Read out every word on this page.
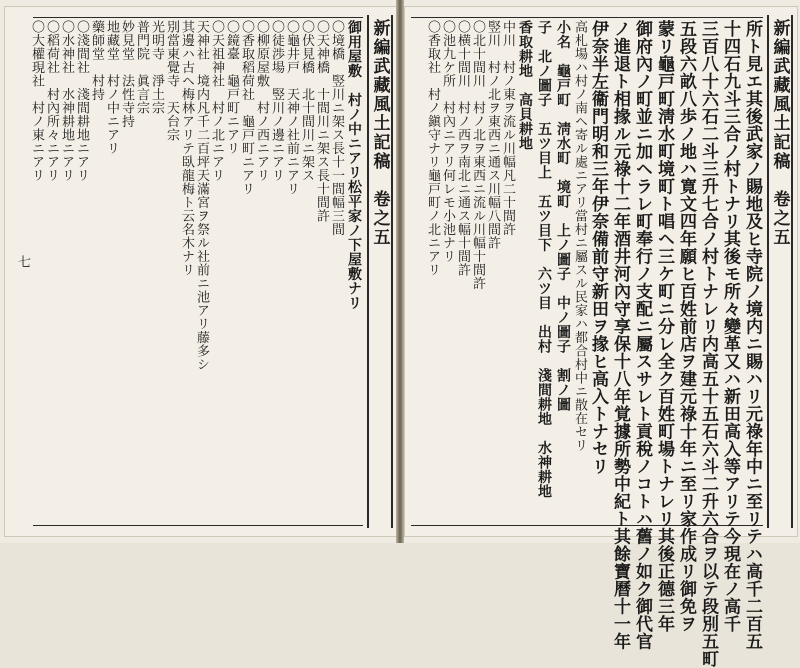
新編武藏風土記稿　卷之五
御用屋敷　村ノ中ニアリ松平家ノ下屋敷ナリ
〇境橋　竪川ニ架ス長十一間幅三間
〇天神橋　十間川ニ架ス長十間許
〇伏見橋　北十間川ニ架ス
〇龜井戸　天神ノ社前ニアリ
〇徒渉場　竪川ノ邊ニアリ
〇柳原屋敷　村ノ西ニアリ
〇香取稻荷社　龜戸町ニアリ
〇鏡臺　龜戸町ニアリ
〇天祖神社　村ノ北ニアリ
天神社　境内凡千二百坪天滿宮ヲ祭ル社前ニ池アリ藤多シ
其邊ハ古ヘ梅林アリテ臥龍梅ト云名木ナリ
別當東覺寺　天台宗
光明寺　淨土宗
普門院　眞言宗
妙見堂　法性寺持
地藏堂　村ノ中ニアリ
藥師堂　村持
〇淺間社　淺間耕地ニアリ
〇水神社　水神耕地ニアリ
〇稻荷社　村內所々ニアリ
〇大權現社　村ノ東ニアリ
七
新編武藏風土記稿　卷之五
所ト見エ其後武家ノ賜地及ヒ寺院ノ境内ニ賜ハリ元祿年中ニ至リテハ高千二百五
十四石九斗三合ノ村トナリ其後モ所々變革又ハ新田高入等アリテ今現在ノ高千
三百八十六石二斗三升七合ノ村トナレリ内高五十五石六斗二升六合ヲ以テ段別五町
五段六畝八歩ノ地ハ寛文四年願ヒ百姓前店ヲ建元祿十年ニ至リ家作成リ御免ヲ
蒙リ龜戸町淸水町境町ト唱ヘ三ケ町ニ分レ全ク百姓町場トナレリ其後正德三年
御府內ノ町並ニ加ヘラレ町奉行ノ支配ニ屬スサレト貢稅ノコトハ舊ノ如ク御代官
ノ進退ト相掾ル元祿十二年酒井河內守享保十八年覚據所勢中紀ト其餘寶曆十一年
伊奈半左衞門明和三年伊奈備前守新田ヲ掾ヒ高入トナセリ
高札場ハ村ノ南ヘ寄ル處ニアリ當村ニ屬スル民家ハ都合村中ニ散在セリ
小名　龜戸町　淸水町　境町　上ノ圖子　中ノ圖子　割ノ圖
子　北ノ圖子　五ツ目上　五ツ目下　六ツ目　出村　淺間耕地　水神耕地
香取耕地　高貝耕地
中川　村ノ東ヲ流ル川幅凡二十間許
竪川　村ノ北ヲ東西ニ通ス川幅八間許
〇北十間川　村ノ北ヲ東西ニ流ル川幅十間許
〇横十間川　村ノ西ヲ南北ニ通ス幅十間許
〇池九ケ所　村內ニアリ何レモ小池ナリ
〇香取社　村ノ鎭守ナリ龜戸町ノ北ニアリ
